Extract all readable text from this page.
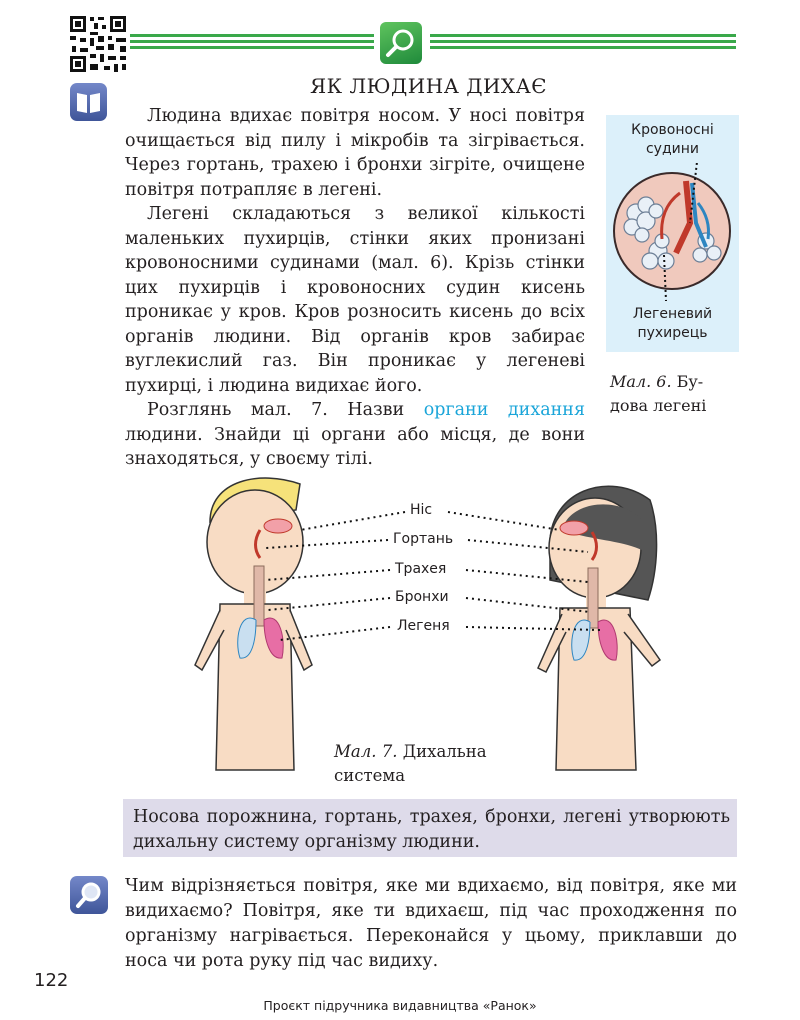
ЯК ЛЮДИНА ДИХАЄ

Людина вдихає повітря носом. У носі повітря очищається від пилу і мікробів та зігрівається. Через гортань, трахею і бронхи зігріте, очищене повітря потрапляє в легені.

Легені складаються з великої кількості маленьких пухирців, стінки яких пронизані кровоносними судинами (мал. 6). Крізь стінки цих пухирців і кровоносних судин кисень проникає у кров. Кров розносить кисень до всіх органів людини. Від органів кров забирає вуглекислий газ. Він проникає у легеневі пухирці, і людина видихає його.

Розглянь мал. 7. Назви органи дихання людини. Знайди ці органи або місця, де вони знаходяться, у своєму тілі.

Кровоносні
судини
Легеневий
пухирець
Мал. 6. Бу-
дова легені
Ніс
Гортань
Трахея
Бронхи
Легеня
Мал. 7. Дихальна система
Носова порожнина, гортань, трахея, бронхи, легені утворюють дихальну систему організму людини.
Чим відрізняється повітря, яке ми вдихаємо, від повітря, яке ми видихаємо? Повітря, яке ти вдихаєш, під час проходження по організму нагрівається. Переконайся у цьому, приклавши до носа чи рота руку під час видиху.
122
Проєкт підручника видавництва «Ранок»
